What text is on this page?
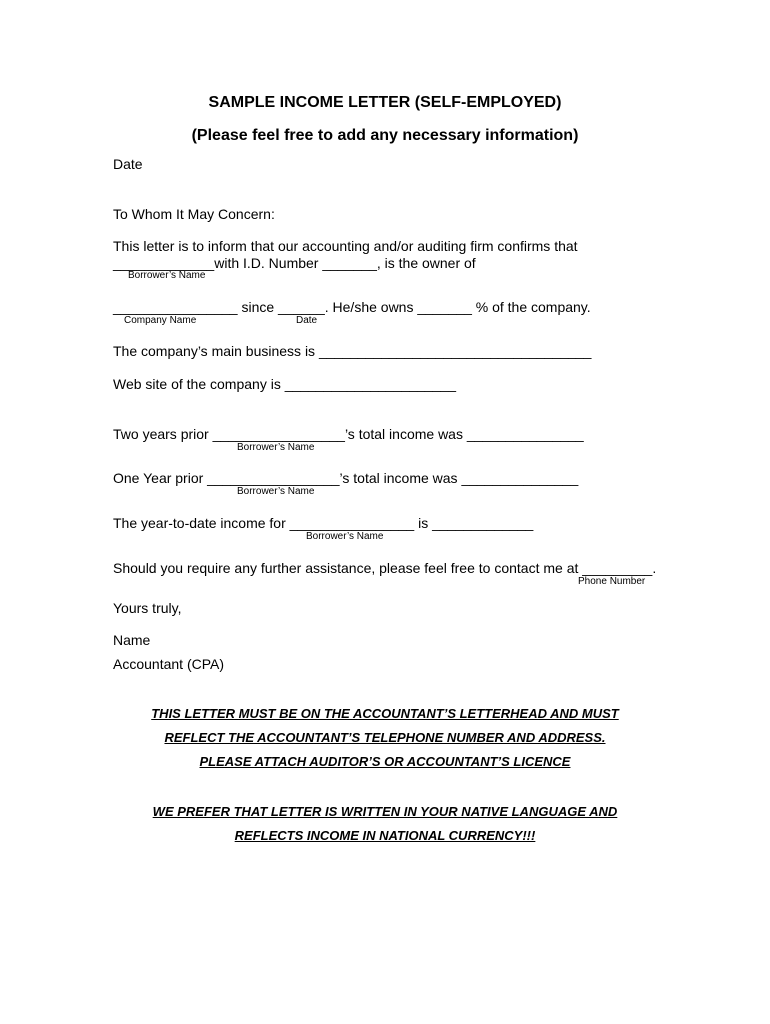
SAMPLE INCOME LETTER (SELF-EMPLOYED)
(Please feel free to add any necessary information)
Date
To Whom It May Concern:
This letter is to inform that our accounting and/or auditing firm confirms that
_____________with I.D. Number _______, is the owner of
Borrower’s Name
________________ since ______. He/she owns _______ % of the company.
Company Name	Date
The company’s main business is ___________________________________
Web site of the company is ______________________
Two years prior _________________’s total income was _______________
Borrower’s Name
One Year prior _________________’s total income was _______________
Borrower’s Name
The year-to-date income for ________________ is _____________
Borrower’s Name
Should you require any further assistance, please feel free to contact me at _________.
Phone Number
Yours truly,
Name
Accountant (CPA)
THIS LETTER MUST BE ON THE ACCOUNTANT’S LETTERHEAD AND MUST
REFLECT THE ACCOUNTANT’S TELEPHONE NUMBER AND ADDRESS.
PLEASE ATTACH AUDITOR’S OR ACCOUNTANT’S LICENCE
WE PREFER THAT LETTER IS WRITTEN IN YOUR NATIVE LANGUAGE AND
REFLECTS INCOME IN NATIONAL CURRENCY!!!
